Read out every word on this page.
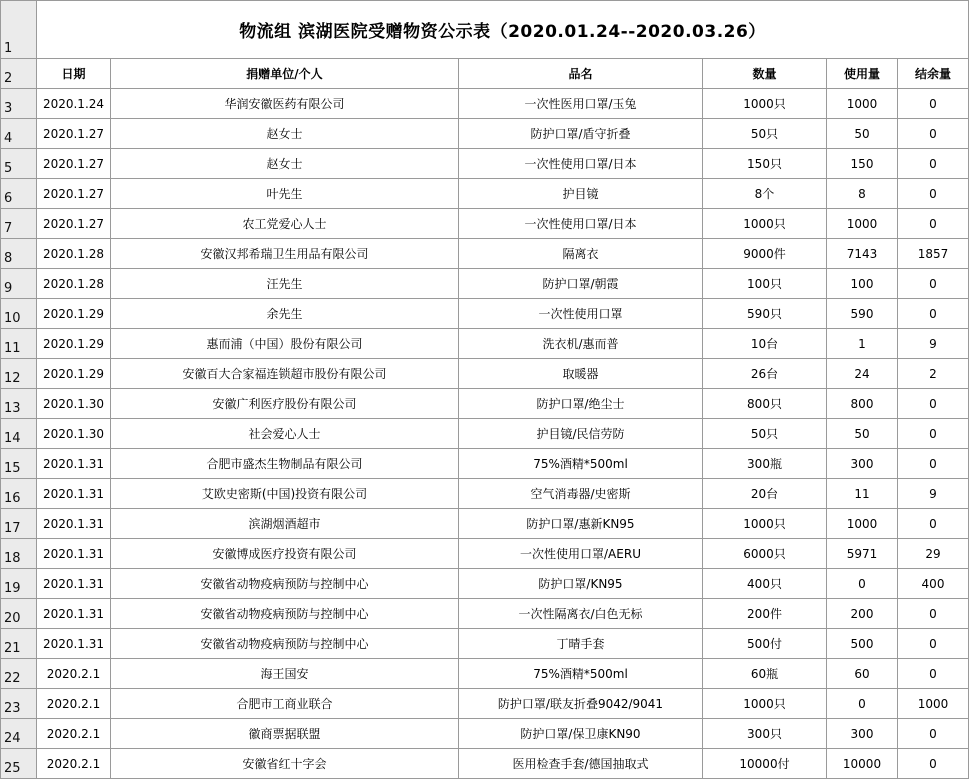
1	物流组 滨湖医院受赠物资公示表（2020.01.24--2020.03.26）					
2	日期	捐赠单位/个人	品名	数量	使用量	结余量
3	2020.1.24	华润安徽医药有限公司	一次性医用口罩/玉兔	1000只	1000	0
4	2020.1.27	赵女士	防护口罩/盾守折叠	50只	50	0
5	2020.1.27	赵女士	一次性使用口罩/日本	150只	150	0
6	2020.1.27	叶先生	护目镜	8个	8	0
7	2020.1.27	农工党爱心人士	一次性使用口罩/日本	1000只	1000	0
8	2020.1.28	安徽汉邦希瑞卫生用品有限公司	隔离衣	9000件	7143	1857
9	2020.1.28	汪先生	防护口罩/朝霞	100只	100	0
10	2020.1.29	余先生	一次性使用口罩	590只	590	0
11	2020.1.29	惠而浦（中国）股份有限公司	洗衣机/惠而普	10台	1	9
12	2020.1.29	安徽百大合家福连锁超市股份有限公司	取暖器	26台	24	2
13	2020.1.30	安徽广利医疗股份有限公司	防护口罩/绝尘士	800只	800	0
14	2020.1.30	社会爱心人士	护目镜/民信劳防	50只	50	0
15	2020.1.31	合肥市盛杰生物制品有限公司	75%酒精*500ml	300瓶	300	0
16	2020.1.31	艾欧史密斯(中国)投资有限公司	空气消毒器/史密斯	20台	11	9
17	2020.1.31	滨湖烟酒超市	防护口罩/惠新KN95	1000只	1000	0
18	2020.1.31	安徽博成医疗投资有限公司	一次性使用口罩/AERU	6000只	5971	29
19	2020.1.31	安徽省动物疫病预防与控制中心	防护口罩/KN95	400只	0	400
20	2020.1.31	安徽省动物疫病预防与控制中心	一次性隔离衣/白色无标	200件	200	0
21	2020.1.31	安徽省动物疫病预防与控制中心	丁晴手套	500付	500	0
22	2020.2.1	海王国安	75%酒精*500ml	60瓶	60	0
23	2020.2.1	合肥市工商业联合	防护口罩/联友折叠9042/9041	1000只	0	1000
24	2020.2.1	徽商票据联盟	防护口罩/保卫康KN90	300只	300	0
25	2020.2.1	安徽省红十字会	医用检查手套/德国抽取式	10000付	10000	0
